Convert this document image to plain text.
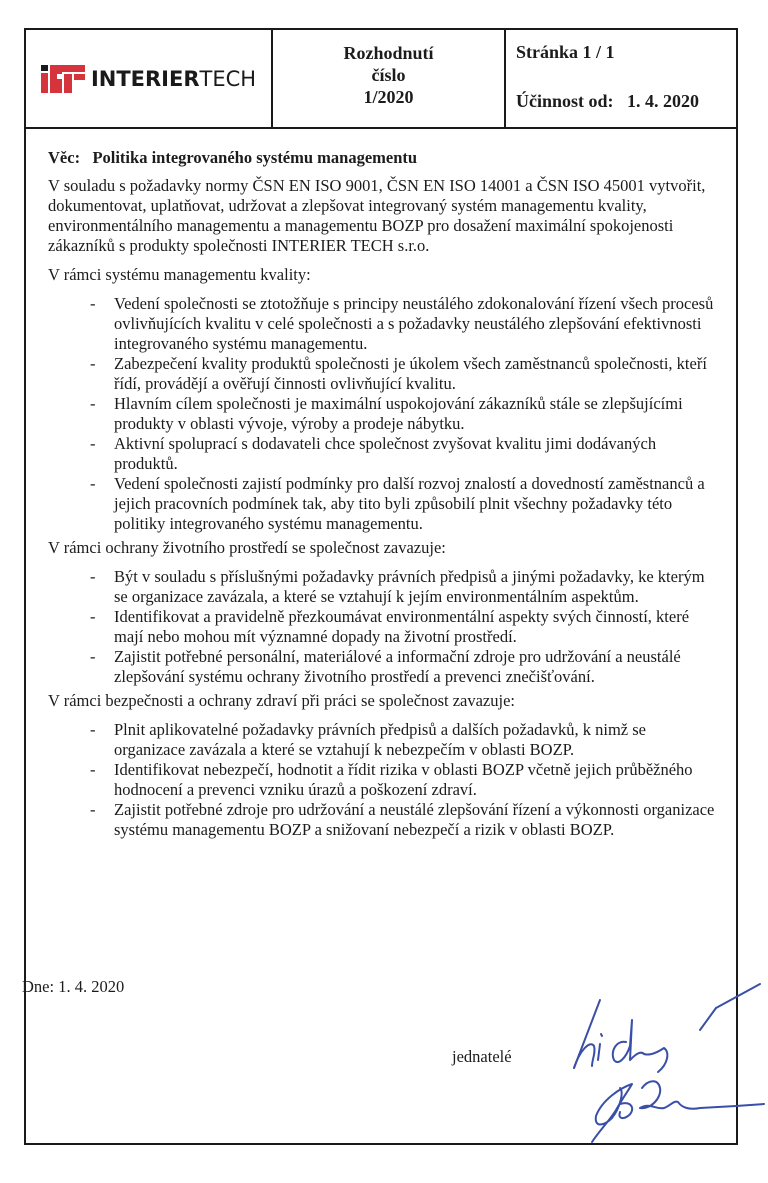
INTERIERTECH
Rozhodnutí
číslo
1/2020
Stránka 1 / 1
Účinnost od: 1. 4. 2020
Věc: Politika integrovaného systému managementu

V souladu s požadavky normy ČSN EN ISO 9001, ČSN EN ISO 14001 a ČSN ISO 45001 vytvořit, dokumentovat, uplatňovat, udržovat a zlepšovat integrovaný systém managementu kvality, environmentálního managementu a managementu BOZP pro dosažení maximální spokojenosti zákazníků s produkty společnosti INTERIER TECH s.r.o.

V rámci systému managementu kvality:

- Vedení společnosti se ztotožňuje s principy neustálého zdokonalování řízení všech procesů ovlivňujících kvalitu v celé společnosti a s požadavky neustálého zlepšování efektivnosti integrovaného systému managementu.
- Zabezpečení kvality produktů společnosti je úkolem všech zaměstnanců společnosti, kteří řídí, provádějí a ověřují činnosti ovlivňující kvalitu.
- Hlavním cílem společnosti je maximální uspokojování zákazníků stále se zlepšujícími produkty v oblasti vývoje, výroby a prodeje nábytku.
- Aktivní spoluprací s dodavateli chce společnost zvyšovat kvalitu jimi dodávaných produktů.
- Vedení společnosti zajistí podmínky pro další rozvoj znalostí a dovedností zaměstnanců a jejich pracovních podmínek tak, aby tito byli způsobilí plnit všechny požadavky této politiky integrovaného systému managementu.

V rámci ochrany životního prostředí se společnost zavazuje:

- Být v souladu s příslušnými požadavky právních předpisů a jinými požadavky, ke kterým se organizace zavázala, a které se vztahují k jejím environmentálním aspektům.
- Identifikovat a pravidelně přezkoumávat environmentální aspekty svých činností, které mají nebo mohou mít významné dopady na životní prostředí.
- Zajistit potřebné personální, materiálové a informační zdroje pro udržování a neustálé zlepšování systému ochrany životního prostředí a prevenci znečišťování.

V rámci bezpečnosti a ochrany zdraví při práci se společnost zavazuje:

- Plnit aplikovatelné požadavky právních předpisů a dalších požadavků, k nimž se organizace zavázala a které se vztahují k nebezpečím v oblasti BOZP.
- Identifikovat nebezpečí, hodnotit a řídit rizika v oblasti BOZP včetně jejich průběžného hodnocení a prevenci vzniku úrazů a poškození zdraví.
- Zajistit potřebné zdroje pro udržování a neustálé zlepšování řízení a výkonnosti organizace systému managementu BOZP a snižovaní nebezpečí a rizik v oblasti BOZP.
Dne: 1. 4. 2020
jednatelé
